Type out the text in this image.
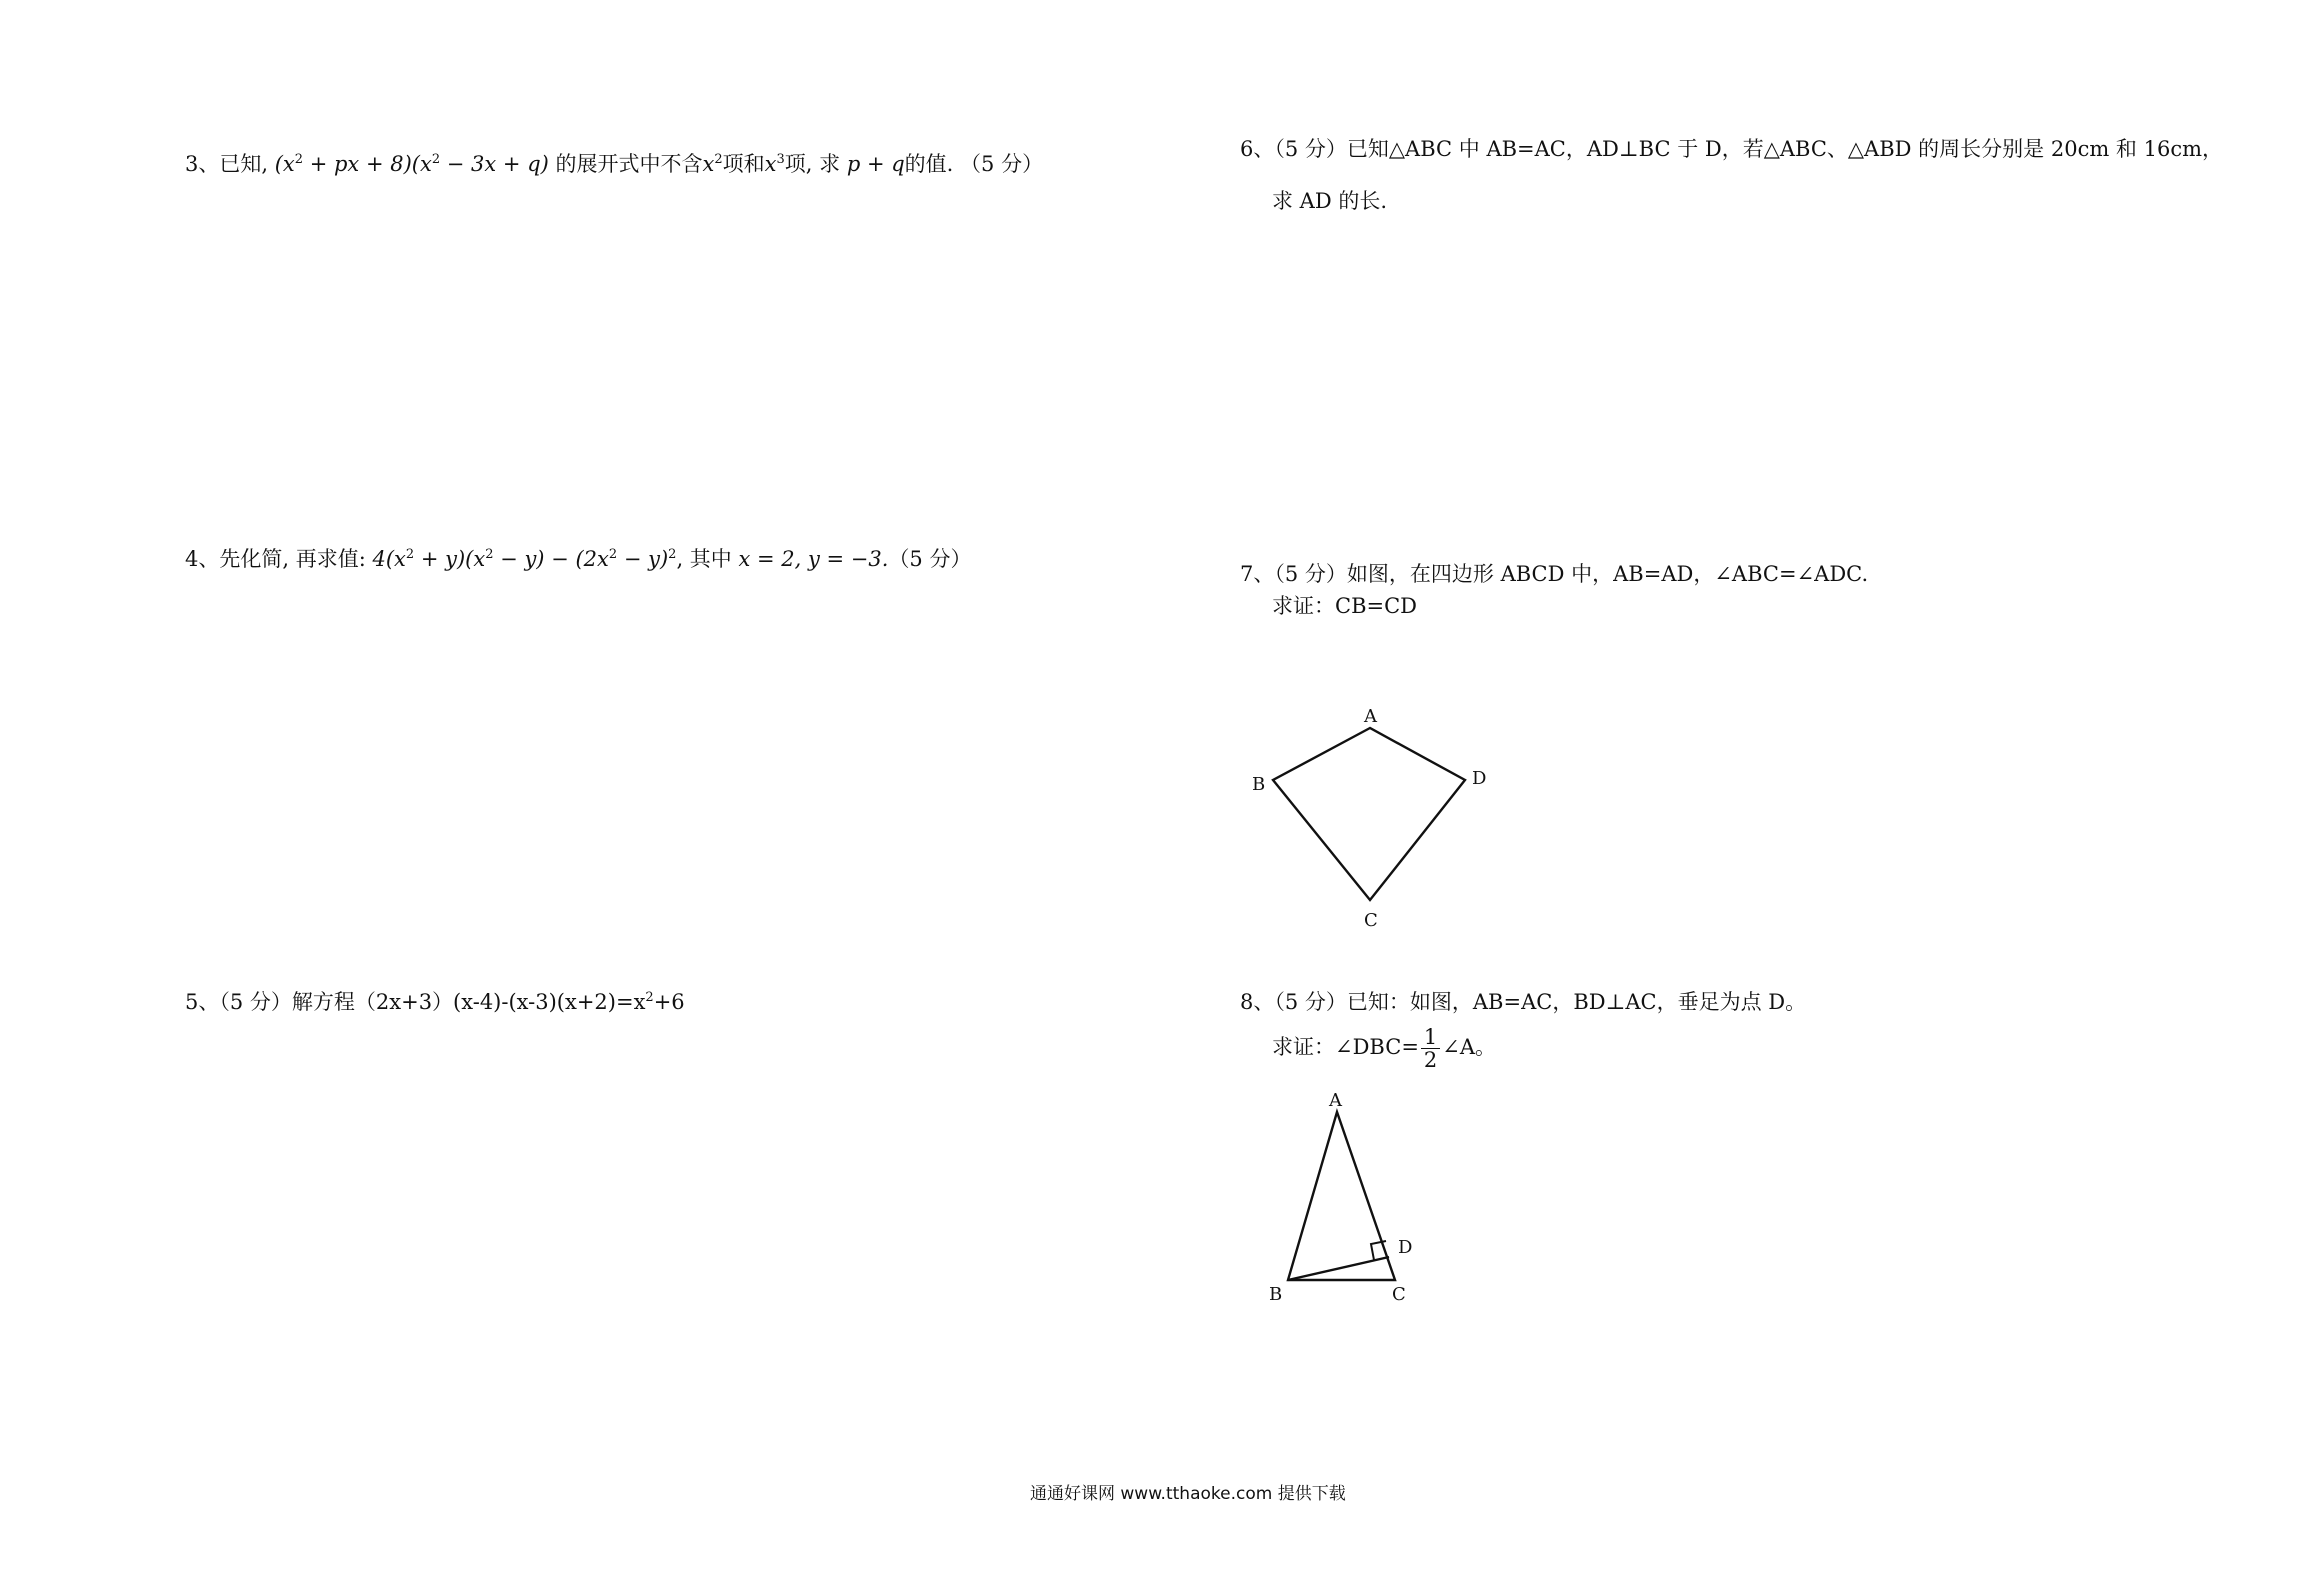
3、已知, ($x^2$ + px + $8)(x^2 - 3x + q)$ 的展开式中不含$x^2$项和$x^3$项, 求 p + q的值. （5 分）
4、先化简, 再求值: $4(x^2 + y)(x^2 - y) - (2x^2 - y)^2$, 其中 x = 2, y = −3.（5 分）
5、（5 分）解方程$(2x+3)(x-4)-(x-3)(x+2)=x^2+6$
6、（5 分）已知△ABC 中 AB=AC，AD⊥BC 于 D，若△ABC、△ABD 的周长分别是 20cm 和 16cm，
求 AD 的长.
7、（5 分）如图，在四边形 ABCD 中，AB=AD，∠ABC=∠ADC.
求证：CB=CD
A
B
C
D
8、（5 分）已知：如图，AB=AC，BD⊥AC，垂足为点 D。
求证：∠DBC= $\frac{1}{2}$ ∠A。
A
B	C
D
通通好课网 www.tthaoke.com 提供下载
